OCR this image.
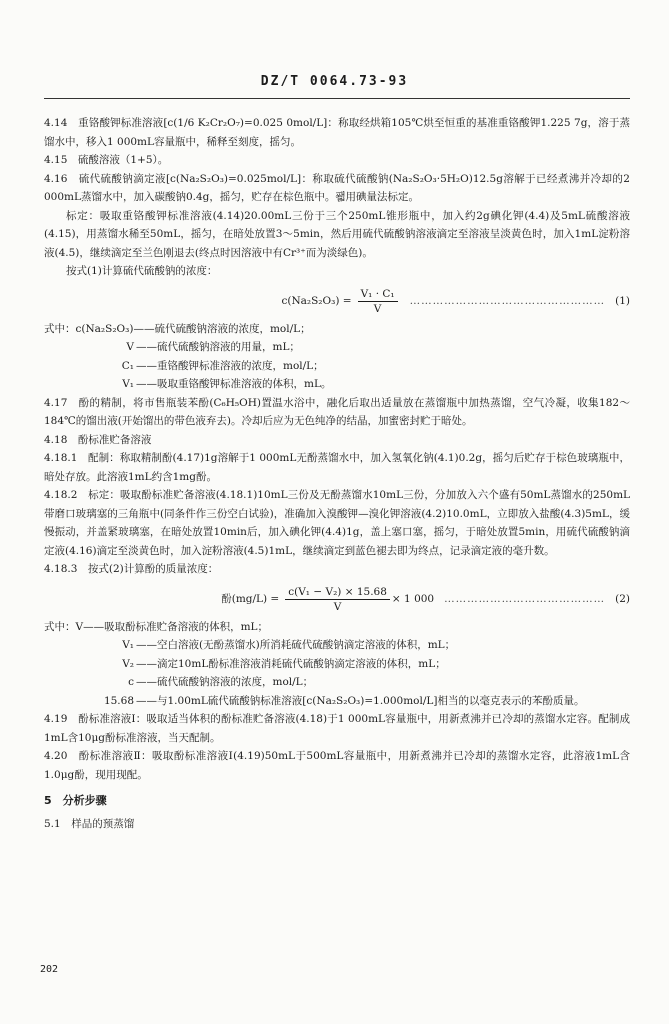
DZ/T 0064.73-93

4.14　重铬酸钾标准溶液[c(1/6 K₂Cr₂O₇)=0.025 0mol/L]：称取经烘箱105℃烘至恒重的基准重铬酸钾1.225 7g，溶于蒸馏水中，移入1 000mL容量瓶中，稀释至刻度，摇匀。

4.15　硫酸溶液（1+5）。

4.16　硫代硫酸钠滴定液[c(Na₂S₂O₃)=0.025mol/L]：称取硫代硫酸钠(Na₂S₂O₃·5H₂O)12.5g溶解于已经煮沸并冷却的2 000mL蒸馏水中，加入碳酸钠0.4g，摇匀，贮存在棕色瓶中。퐯用碘量法标定。

标定：吸取重铬酸钾标准溶液(4.14)20.00mL三份于三个250mL锥形瓶中，加入约2g碘化钾(4.4)及5mL硫酸溶液(4.15)，用蒸馏水稀至50mL，摇匀，在暗处放置3～5min，然后用硫代硫酸钠溶液滴定至溶液呈淡黄色时，加入1mL淀粉溶液(4.5)，继续滴定至兰色刚退去(终点时因溶液中有Cr³⁺而为淡绿色)。

按式(1)计算硫代硫酸钠的浓度：

$c(Na_2S_2O_3) = \frac{\text{V₁ · C₁}}{V}$ …………………………………………… (1)
式中： c(Na₂S₂O₃) ——硫代硫酸钠溶液的浓度，mol/L；
V ——硫代硫酸钠溶液的用量，mL；
C₁ ——重铬酸钾标准溶液的浓度，mol/L；
V₁ ——吸取重铬酸钾标准溶液的体积，mL。

4.17　酚的精制，将市售瓶装苯酚(C₆H₅OH)置温水浴中，融化后取出适量放在蒸馏瓶中加热蒸馏，空气冷凝，收集182～184℃的馏出液(开始馏出的带色液弃去)。冷却后应为无色纯净的结晶，加蜜密封贮于暗处。

4.18　酚标准贮备溶液

4.18.1　配制：称取精制酚(4.17)1g溶解于1 000mL无酚蒸馏水中，加入氢氧化钠(4.1)0.2g，摇匀后贮存于棕色玻璃瓶中，暗处存放。此溶液1mL约含1mg酚。

4.18.2　标定：吸取酚标准贮备溶液(4.18.1)10mL三份及无酚蒸馏水10mL三份，分加放入六个盛有50mL蒸馏水的250mL带磨口玻璃塞的三角瓶中(同条件作三份空白试验)，准确加入溴酸钾—溴化钾溶液(4.2)10.0mL，立即放入盐酸(4.3)5mL，缓慢振动，并盖紧玻璃塞，在暗处放置10min后，加入碘化钾(4.4)1g，盖上塞口塞，摇匀，于暗处放置5min，用硫代硫酸钠滴定液(4.16)滴定至淡黄色时，加入淀粉溶液(4.5)1mL，继续滴定到蓝色褪去即为终点，记录滴定液的毫升数。

4.18.3　按式(2)计算酚的质量浓度：

酚$(mg/L) = \frac{\text{c(V₁ − V₂) × 15.68}}{V} \times 1$ 000 …………………………………… (2)
式中： V ——吸取酚标准贮备溶液的体积，mL；
V₁ ——空白溶液(无酚蒸馏水)所消耗硫代硫酸钠滴定溶液的体积，mL；
V₂ ——滴定10mL酚标准溶液消耗硫代硫酸钠滴定溶液的体积，mL；
c ——硫代硫酸钠溶液的浓度，mol/L；
15.68 ——与1.00mL硫代硫酸钠标准溶液[c(Na₂S₂O₃)=1.000mol/L]相当的以毫克表示的苯酚质量。

4.19　酚标准溶液Ⅰ：吸取适当体积的酚标准贮备溶液(4.18)于1 000mL容量瓶中，用新煮沸并已冷却的蒸馏水定容。配制成1mL含10μg酚标准溶液，当天配制。

4.20　酚标准溶液Ⅱ：吸取酚标准溶液Ⅰ(4.19)50mL于500mL容量瓶中，用新煮沸并已冷却的蒸馏水定容，此溶液1mL含1.0μg酚，现用现配。

5　分析步骤

5.1　样品的预蒸馏

202
